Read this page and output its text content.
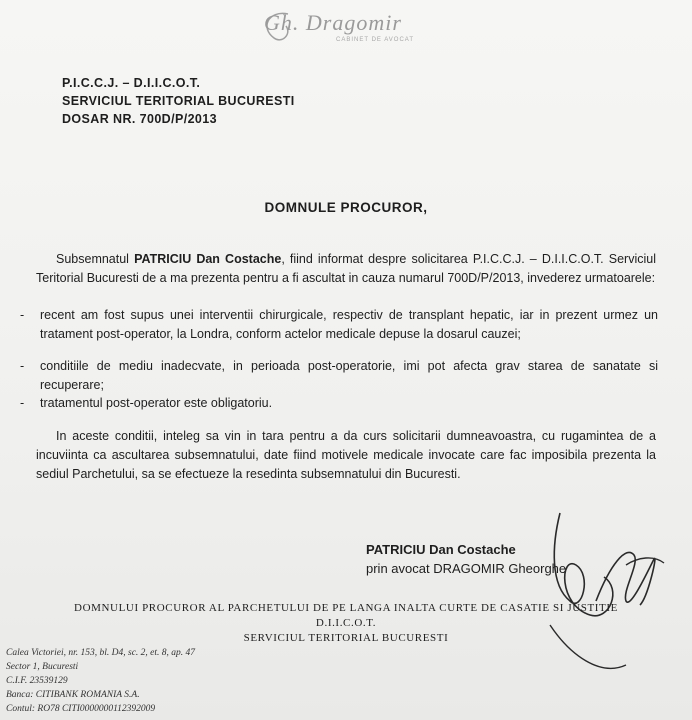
Gh. Dragomir
CABINET DE AVOCAT
P.I.C.C.J. – D.I.I.C.O.T.
SERVICIUL TERITORIAL BUCURESTI
DOSAR NR. 700D/P/2013
DOMNULE PROCUROR,
Subsemnatul PATRICIU Dan Costache, fiind informat despre solicitarea P.I.C.C.J. – D.I.I.C.O.T. Serviciul Teritorial Bucuresti de a ma prezenta pentru a fi ascultat in cauza numarul 700D/P/2013, invederez urmatoarele:
- recent am fost supus unei interventii chirurgicale, respectiv de transplant hepatic, iar in prezent urmez un tratament post-operator, la Londra, conform actelor medicale depuse la dosarul cauzei;
- conditiile de mediu inadecvate, in perioada post-operatorie, imi pot afecta grav starea de sanatate si recuperare;
- tratamentul post-operator este obligatoriu.
In aceste conditii, inteleg sa vin in tara pentru a da curs solicitarii dumneavoastra, cu rugamintea de a incuviinta ca ascultarea subsemnatului, date fiind motivele medicale invocate care fac imposibila prezenta la sediul Parchetului, sa se efectueze la resedinta subsemnatului din Bucuresti.
PATRICIU Dan Costache
prin avocat DRAGOMIR Gheorghe
DOMNULUI PROCUROR AL PARCHETULUI DE PE LANGA INALTA CURTE DE CASATIE SI JUSTITIE
D.I.I.C.O.T.
SERVICIUL TERITORIAL BUCURESTI
Calea Victoriei, nr. 153, bl. D4, sc. 2, et. 8, ap. 47
Sector 1, Bucuresti
C.I.F. 23539129
Banca: CITIBANK ROMANIA S.A.
Contul: RO78 CITI0000000112392009
